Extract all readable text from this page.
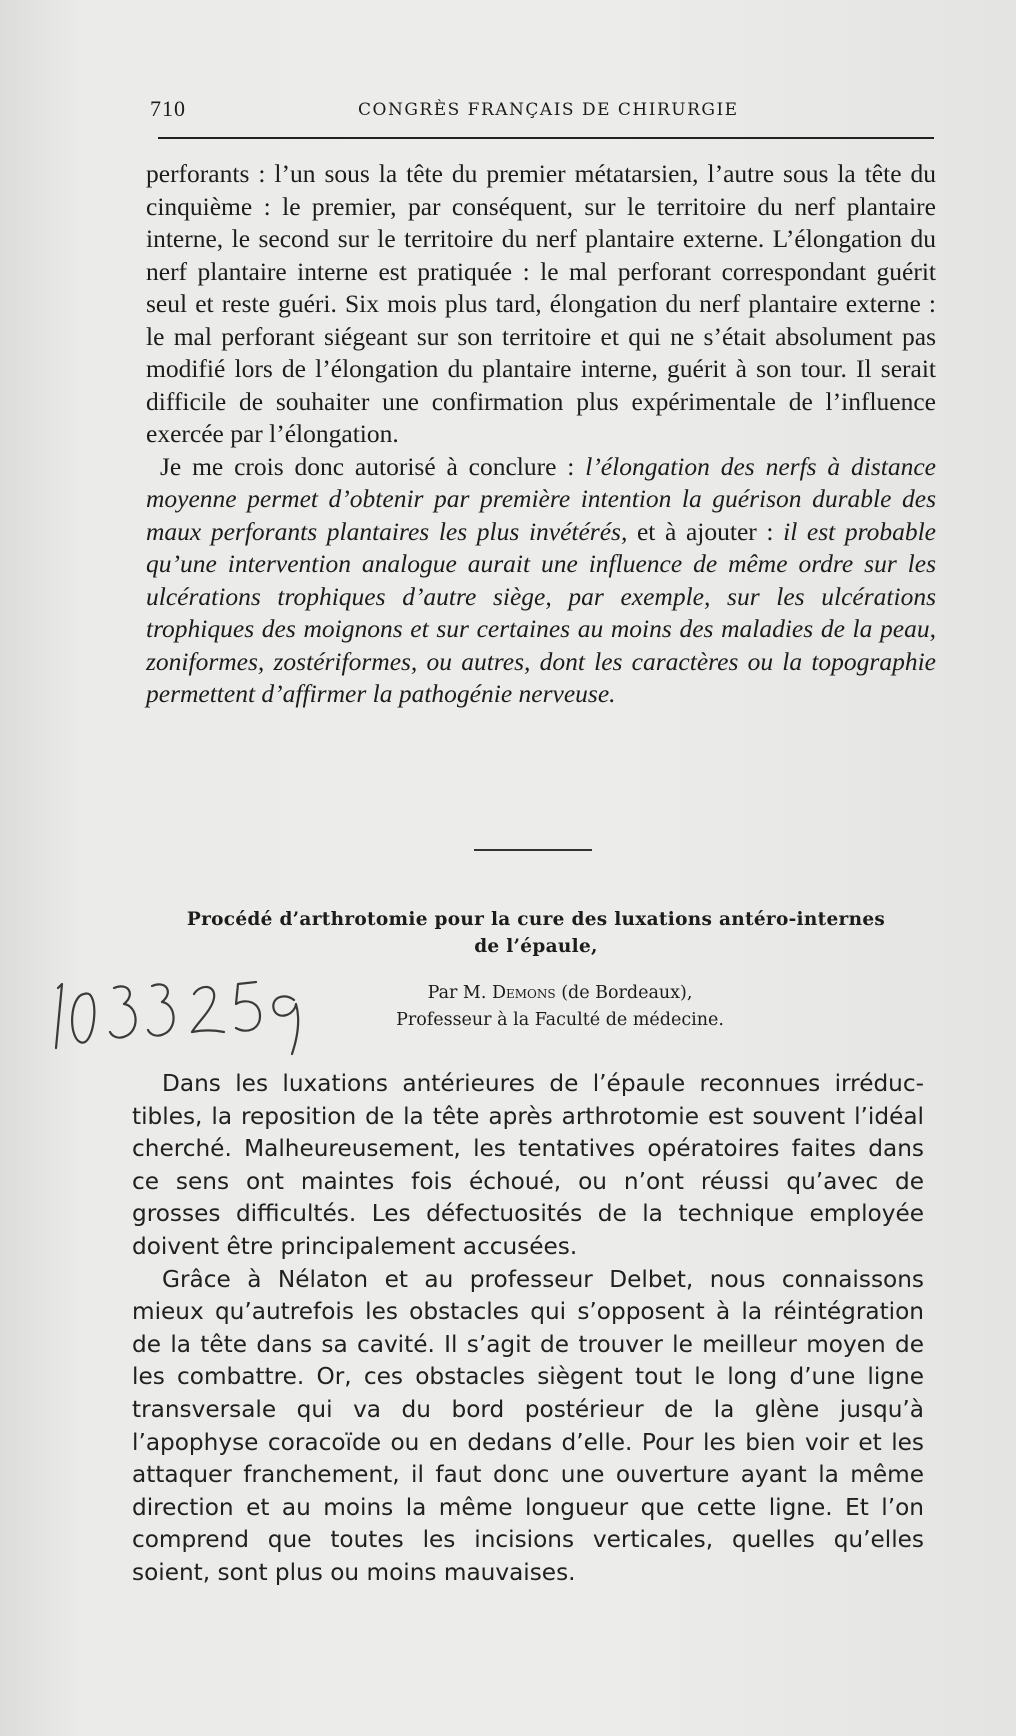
710	CONGRÈS FRANÇAIS DE CHIRURGIE

perforants : l’un sous la tête du premier métatarsien, l’autre sous la tête du cinquième : le premier, par conséquent, sur le territoire du nerf plantaire interne, le second sur le territoire du nerf plantaire externe. L’élongation du nerf plantaire interne est pratiquée : le mal perforant correspondant guérit seul et reste guéri. Six mois plus tard, élongation du nerf plantaire externe : le mal perforant siégeant sur son territoire et qui ne s’était absolument pas modifié lors de l’élongation du plantaire interne, guérit à son tour. Il serait difficile de souhaiter une confirmation plus expérimentale de l’influence exercée par l’élongation.

Je me crois donc autorisé à conclure : l’élongation des nerfs à distance moyenne permet d’obtenir par première intention la guérison durable des maux perforants plantaires les plus invétérés, et à ajouter : il est probable qu’une intervention analogue aurait une influence de même ordre sur les ulcérations trophiques d’autre siège, par exemple, sur les ulcérations trophiques des moignons et sur certaines au moins des maladies de la peau, zoniformes, zostériformes, ou autres, dont les caractères ou la topographie permettent d’affirmer la pathogénie nerveuse.

Procédé d’arthrotomie pour la cure des luxations antéro-internes
de l’épaule,
Par M. Demons (de Bordeaux),
Professeur à la Faculté de médecine.

Dans les luxations antérieures de l’épaule reconnues irréductibles, la reposition de la tête après arthrotomie est souvent l’idéal cherché. Malheureusement, les tentatives opératoires faites dans ce sens ont maintes fois échoué, ou n’ont réussi qu’avec de grosses difficultés. Les défectuosités de la technique employée doivent être principalement accusées.

Grâce à Nélaton et au professeur Delbet, nous connaissons mieux qu’autrefois les obstacles qui s’opposent à la réintégration de la tête dans sa cavité. Il s’agit de trouver le meilleur moyen de les combattre. Or, ces obstacles siègent tout le long d’une ligne transversale qui va du bord postérieur de la glène jusqu’à l’apophyse coracoïde ou en dedans d’elle. Pour les bien voir et les attaquer franchement, il faut donc une ouverture ayant la même direction et au moins la même longueur que cette ligne. Et l’on comprend que toutes les incisions verticales, quelles qu’elles soient, sont plus ou moins mauvaises.
